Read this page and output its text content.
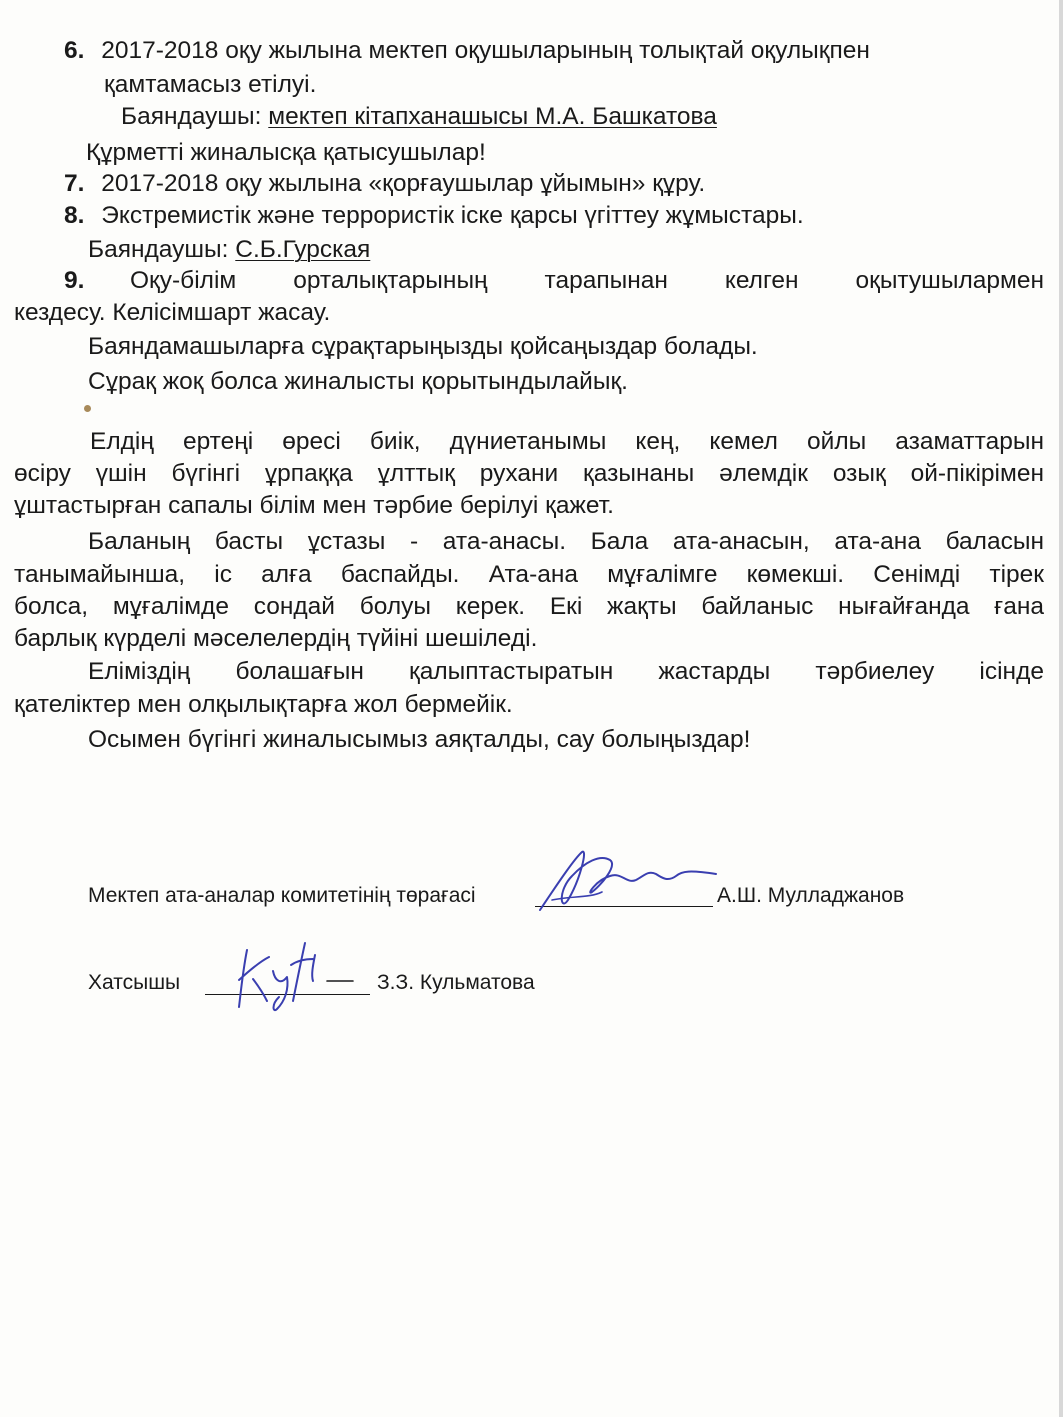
6. 2017-2018 оқу жылына мектеп оқушыларының толықтай оқулықпен
қамтамасыз етілуі.
Баяндаушы: мектеп кітапханашысы М.А. Башкатова
Құрметті жиналысқа қатысушылар!
7. 2017-2018 оқу жылына «қорғаушылар ұйымын» құру.
8. Экстремистік және террористік іске қарсы үгіттеу жұмыстары.
Баяндаушы: С.Б.Гурская
9. Оқу-білім орталықтарының тарапынан келген оқытушылармен
кездесу. Келісімшарт жасау.
Баяндамашыларға сұрақтарыңызды қойсаңыздар болады.
Сұрақ жоқ болса жиналысты қорытындылайық.
Елдің ертеңі өресі биік, дүниетанымы кең, кемел ойлы азаматтарын
өсіру үшін бүгінгі ұрпаққа ұлттық рухани қазынаны әлемдік озық ой-пікірімен
ұштастырған сапалы білім мен тәрбие берілуі қажет.
Баланың басты ұстазы - ата-анасы. Бала ата-анасын, ата-ана баласын
танымайынша, іс алға баспайды. Ата-ана мұғалімге көмекші. Сенімді тірек
болса, мұғалімде сондай болуы керек. Екі жақты байланыс нығайғанда ғана
барлық күрделі мәселелердің түйіні шешіледі.
Еліміздің болашағын қалыптастыратын жастарды тәрбиелеу ісінде
қателіктер мен олқылықтарға жол бермейік.
Осымен бүгінгі жиналысымыз аяқталды, сау болыңыздар!
Мектеп ата-аналар комитетінің төрағасі	А.Ш. Мулладжанов
Хатсышы	З.З. Кульматова
